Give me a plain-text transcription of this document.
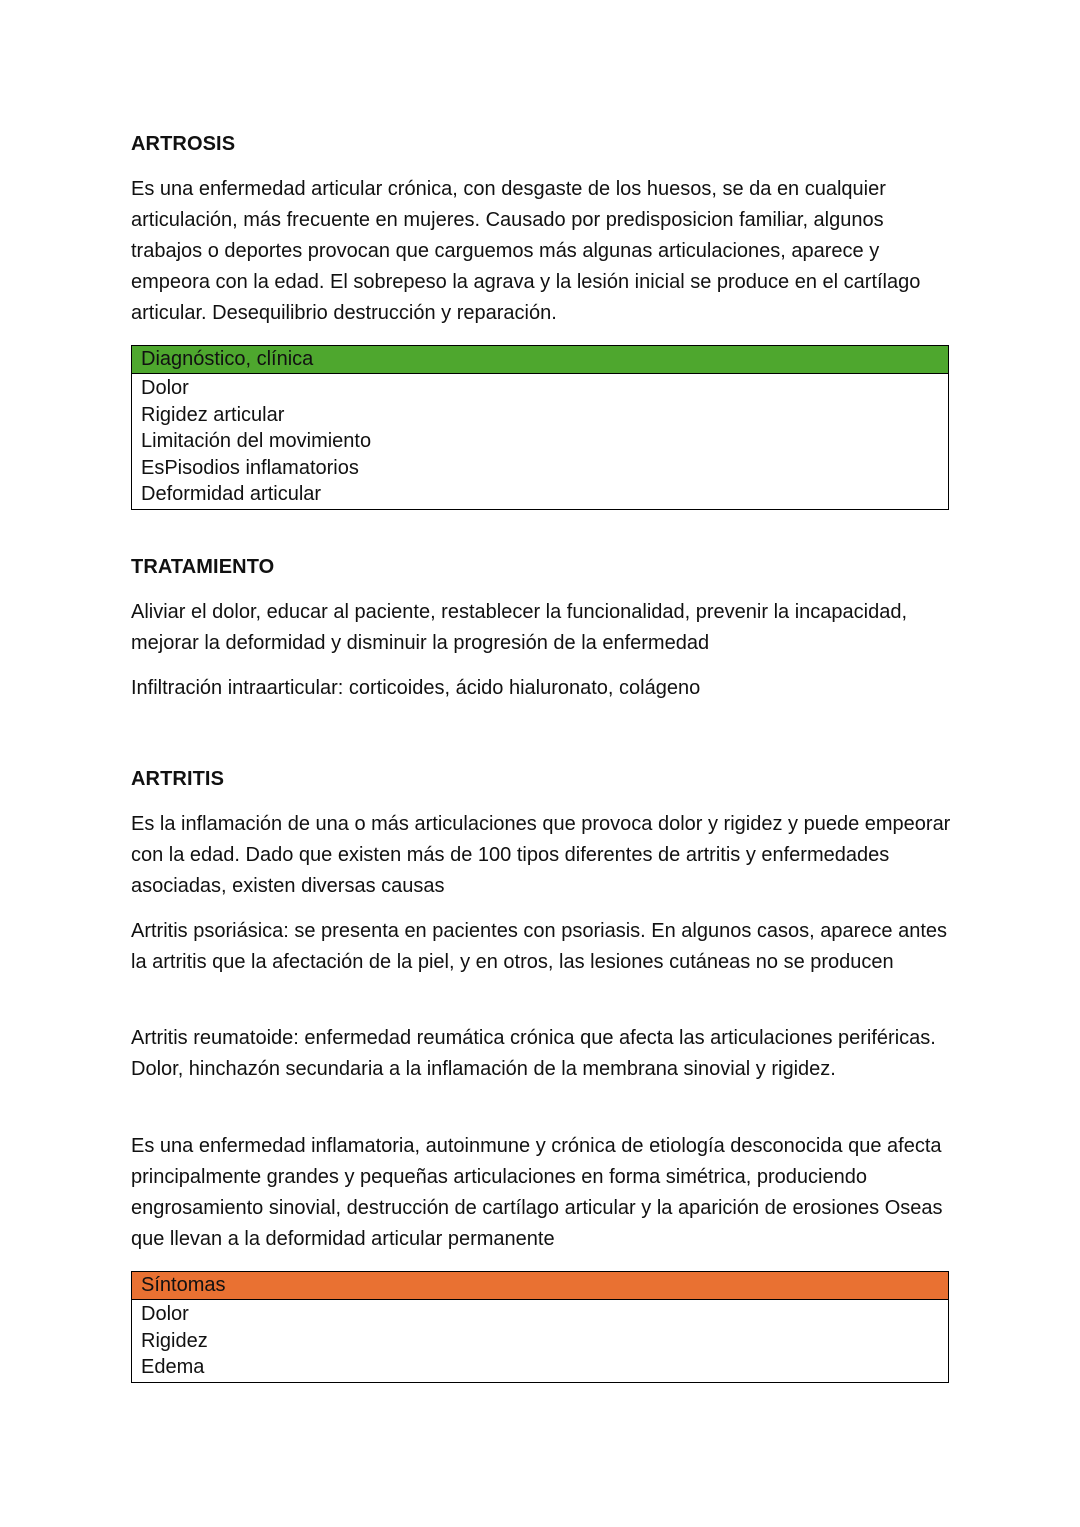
ARTROSIS
Es una enfermedad articular crónica, con desgaste de los huesos, se da en cualquier articulación, más frecuente en mujeres. Causado por predisposicion familiar, algunos trabajos o deportes provocan que carguemos más algunas articulaciones, aparece y empeora con la edad. El sobrepeso la agrava y la lesión inicial se produce en el cartílago articular. Desequilibrio destrucción y reparación.
Diagnóstico, clínica
Dolor
Rigidez articular
Limitación del movimiento
EsPisodios inflamatorios
Deformidad articular
TRATAMIENTO
Aliviar el dolor, educar al paciente, restablecer la funcionalidad, prevenir la incapacidad, mejorar la deformidad y disminuir la progresión de la enfermedad
Infiltración intraarticular: corticoides, ácido hialuronato, colágeno
ARTRITIS
Es la inflamación de una o más articulaciones que provoca dolor y rigidez y puede empeorar con la edad. Dado que existen más de 100 tipos diferentes de artritis y enfermedades asociadas, existen diversas causas
Artritis psoriásica: se presenta en pacientes con psoriasis. En algunos casos, aparece antes la artritis que la afectación de la piel, y en otros, las lesiones cutáneas no se producen
Artritis reumatoide: enfermedad reumática crónica que afecta las articulaciones periféricas. Dolor, hinchazón secundaria a la inflamación de la membrana sinovial y rigidez.
Es una enfermedad inflamatoria, autoinmune y crónica de etiología desconocida que afecta principalmente grandes y pequeñas articulaciones en forma simétrica, produciendo engrosamiento sinovial, destrucción de cartílago articular y la aparición de erosiones Oseas que llevan a la deformidad articular permanente
Síntomas
Dolor
Rigidez
Edema
